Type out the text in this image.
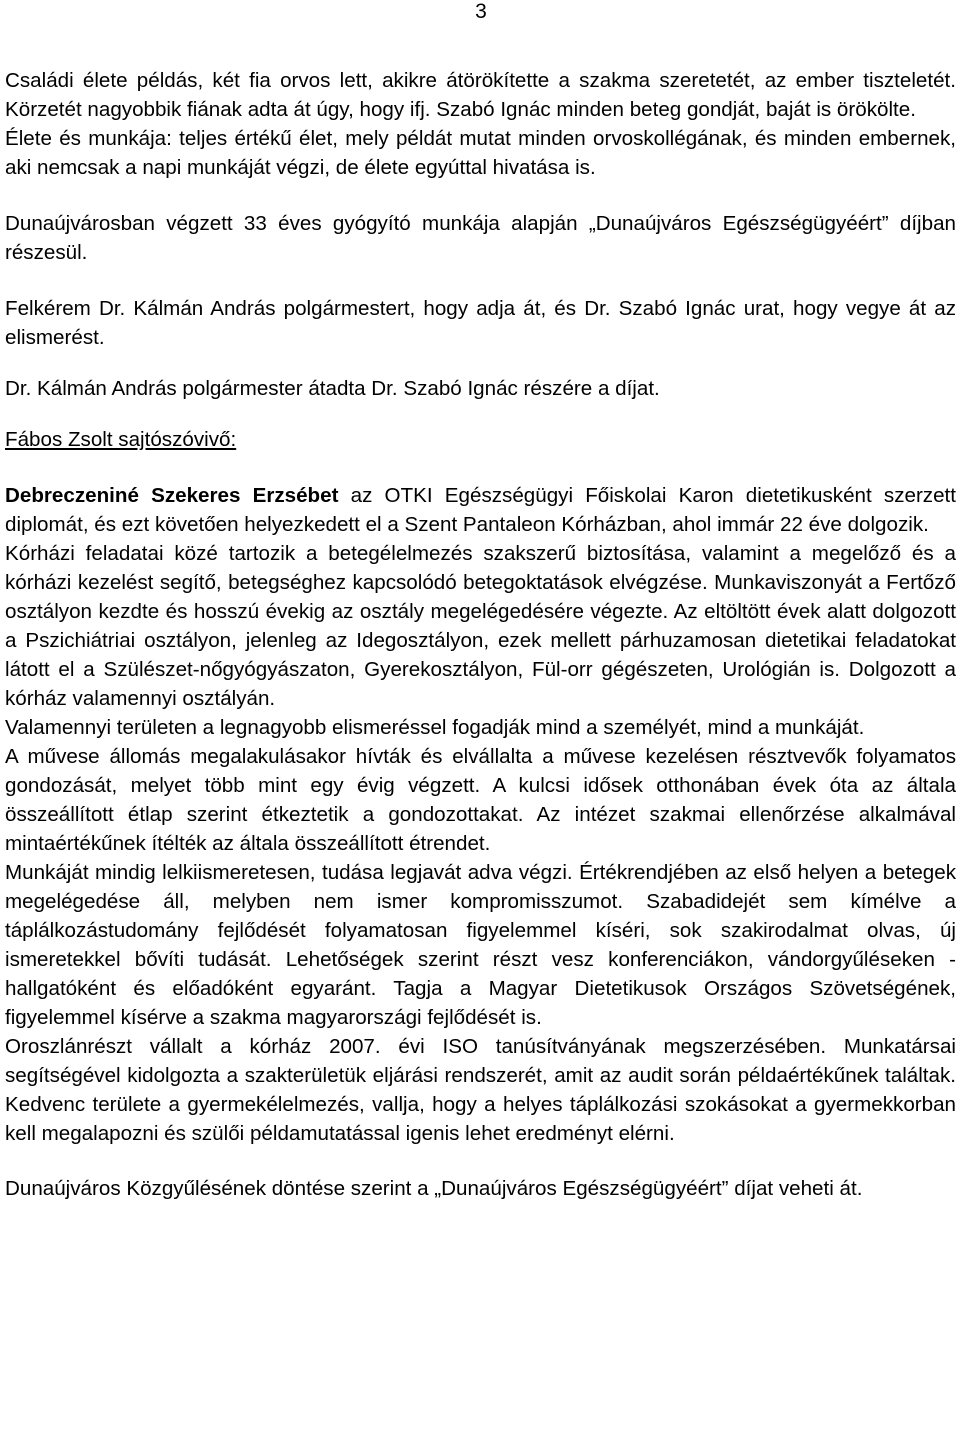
3

Családi élete példás, két fia orvos lett, akikre átörökítette a szakma szeretetét, az ember tiszteletét. Körzetét nagyobbik fiának adta át úgy, hogy ifj. Szabó Ignác minden beteg gondját, baját is örökölte.

Élete és munkája: teljes értékű élet, mely példát mutat minden orvoskollégának, és minden embernek, aki nemcsak a napi munkáját végzi, de élete egyúttal hivatása is.

Dunaújvárosban végzett 33 éves gyógyító munkája alapján „Dunaújváros Egészségügyéért” díjban részesül.

Felkérem Dr. Kálmán András polgármestert, hogy adja át, és Dr. Szabó Ignác urat, hogy vegye át az elismerést.

Dr. Kálmán András polgármester átadta Dr. Szabó Ignác részére a díjat.

Fábos Zsolt sajtószóvivő:

Debreczeniné Szekeres Erzsébet az OTKI Egészségügyi Főiskolai Karon dietetikusként szerzett diplomát, és ezt követően helyezkedett el a Szent Pantaleon Kórházban, ahol immár 22 éve dolgozik.

Kórházi feladatai közé tartozik a betegélelmezés szakszerű biztosítása, valamint a megelőző és a kórházi kezelést segítő, betegséghez kapcsolódó betegoktatások elvégzése. Munkaviszonyát a Fertőző osztályon kezdte és hosszú évekig az osztály megelégedésére végezte. Az eltöltött évek alatt dolgozott a Pszichiátriai osztályon, jelenleg az Idegosztályon, ezek mellett párhuzamosan dietetikai feladatokat látott el a Szülészet-nőgyógyászaton, Gyerekosztályon, Fül-orr gégészeten, Urológián is. Dolgozott a kórház valamennyi osztályán.

Valamennyi területen a legnagyobb elismeréssel fogadják mind a személyét, mind a munkáját.

A művese állomás megalakulásakor hívták és elvállalta a művese kezelésen résztvevők folyamatos gondozását, melyet több mint egy évig végzett. A kulcsi idősek otthonában évek óta az általa összeállított étlap szerint étkeztetik a gondozottakat. Az intézet szakmai ellenőrzése alkalmával mintaértékűnek ítélték az általa összeállított étrendet.

Munkáját mindig lelkiismeretesen, tudása legjavát adva végzi. Értékrendjében az első helyen a betegek megelégedése áll, melyben nem ismer kompromisszumot. Szabadidejét sem kímélve a táplálkozástudomány fejlődését folyamatosan figyelemmel kíséri, sok szakirodalmat olvas, új ismeretekkel bővíti tudását. Lehetőségek szerint részt vesz konferenciákon, vándorgyűléseken - hallgatóként és előadóként egyaránt. Tagja a Magyar Dietetikusok Országos Szövetségének, figyelemmel kísérve a szakma magyarországi fejlődését is.

Oroszlánrészt vállalt a kórház 2007. évi ISO tanúsítványának megszerzésében. Munkatársai segítségével kidolgozta a szakterületük eljárási rendszerét, amit az audit során példaértékűnek találtak. Kedvenc területe a gyermekélelmezés, vallja, hogy a helyes táplálkozási szokásokat a gyermekkorban kell megalapozni és szülői példamutatással igenis lehet eredményt elérni.

Dunaújváros Közgyűlésének döntése szerint a „Dunaújváros Egészségügyéért” díjat veheti át.
